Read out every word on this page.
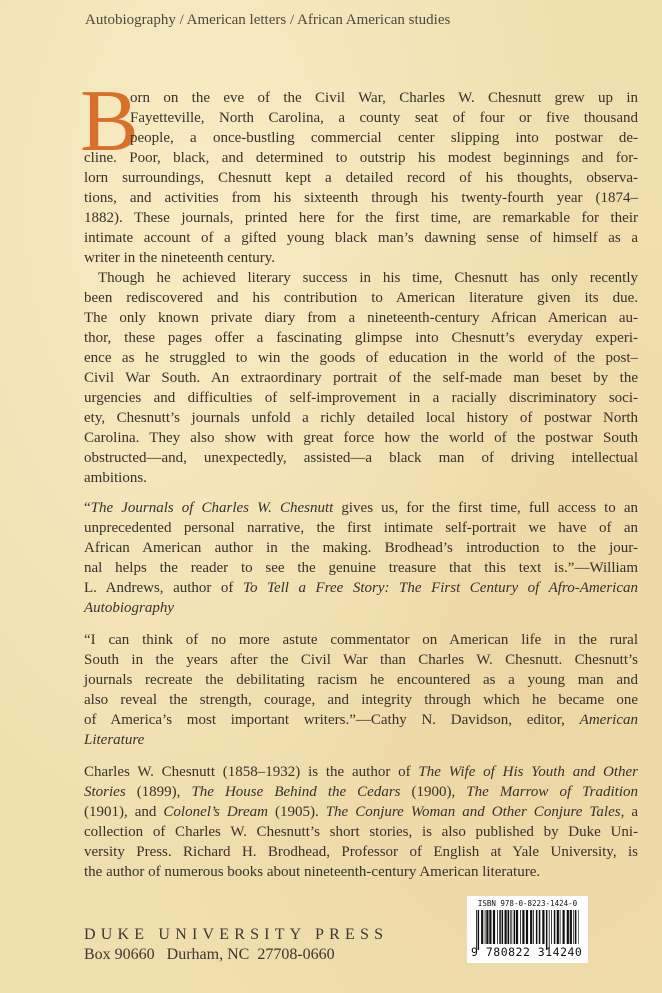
Autobiography / American letters / African American studies
B
orn on the eve of the Civil War, Charles W. Chesnutt grew up in
Fayetteville, North Carolina, a county seat of four or five thousand
people, a once-bustling commercial center slipping into postwar de-
cline. Poor, black, and determined to outstrip his modest beginnings and for-
lorn surroundings, Chesnutt kept a detailed record of his thoughts, observa-
tions, and activities from his sixteenth through his twenty-fourth year (1874–
1882). These journals, printed here for the first time, are remarkable for their
intimate account of a gifted young black man’s dawning sense of himself as a
writer in the nineteenth century.
Though he achieved literary success in his time, Chesnutt has only recently
been rediscovered and his contribution to American literature given its due.
The only known private diary from a nineteenth-century African American au-
thor, these pages offer a fascinating glimpse into Chesnutt’s everyday experi-
ence as he struggled to win the goods of education in the world of the post–
Civil War South. An extraordinary portrait of the self-made man beset by the
urgencies and difficulties of self-improvement in a racially discriminatory soci-
ety, Chesnutt’s journals unfold a richly detailed local history of postwar North
Carolina. They also show with great force how the world of the postwar South
obstructed—and, unexpectedly, assisted—a black man of driving intellectual
ambitions.
“The Journals of Charles W. Chesnutt gives us, for the first time, full access to an
unprecedented personal narrative, the first intimate self-portrait we have of an
African American author in the making. Brodhead’s introduction to the jour-
nal helps the reader to see the genuine treasure that this text is.”—William
L. Andrews, author of To Tell a Free Story: The First Century of Afro-American
Autobiography
“I can think of no more astute commentator on American life in the rural
South in the years after the Civil War than Charles W. Chesnutt. Chesnutt’s
journals recreate the debilitating racism he encountered as a young man and
also reveal the strength, courage, and integrity through which he became one
of America’s most important writers.”—Cathy N. Davidson, editor, American
Literature
Charles W. Chesnutt (1858–1932) is the author of The Wife of His Youth and Other
Stories (1899), The House Behind the Cedars (1900), The Marrow of Tradition
(1901), and Colonel’s Dream (1905). The Conjure Woman and Other Conjure Tales, a
collection of Charles W. Chesnutt’s short stories, is also published by Duke Uni-
versity Press. Richard H. Brodhead, Professor of English at Yale University, is
the author of numerous books about nineteenth-century American literature.
DUKE UNIVERSITY PRESS
Box 90660   Durham, NC  27708-0660
ISBN 978-0-8223-1424-0
9 780822 314240
